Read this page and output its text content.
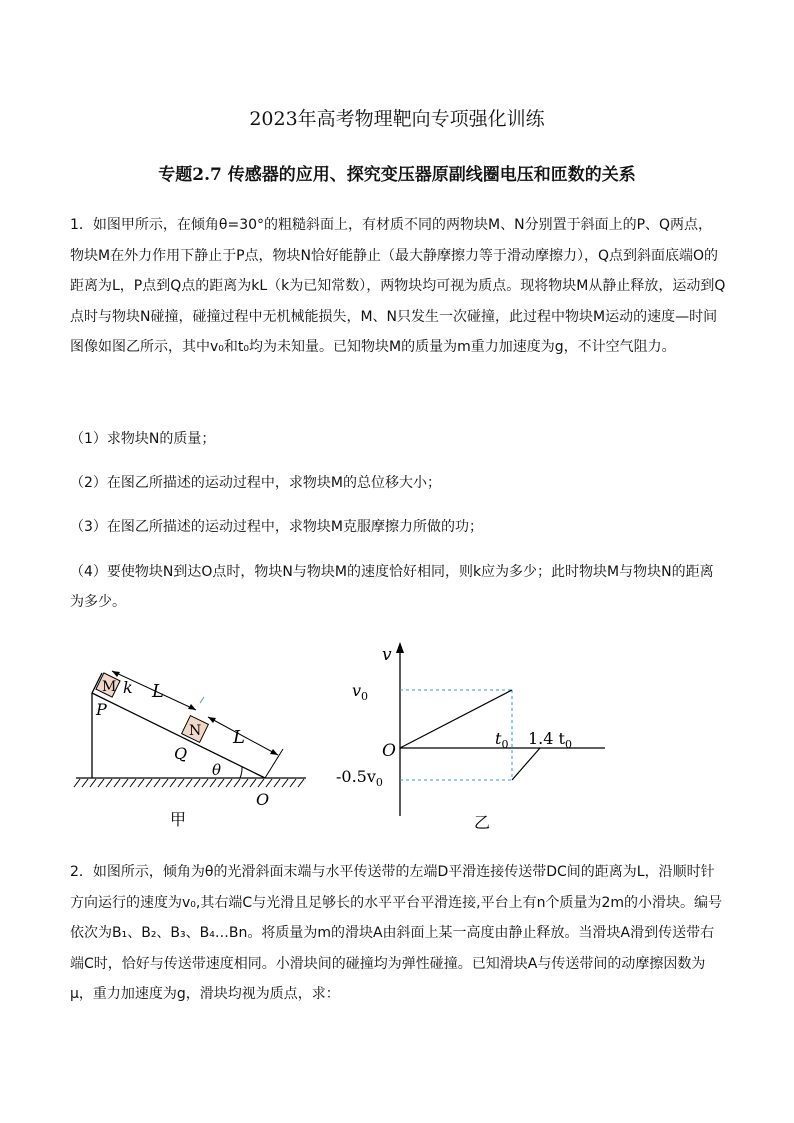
2023年高考物理靶向专项强化训练
专题2.7 传感器的应用、探究变压器原副线圈电压和匝数的关系

1．如图甲所示，在倾角θ=30°的粗糙斜面上，有材质不同的两物块M、N分别置于斜面上的P、Q两点，物块M在外力作用下静止于P点，物块N恰好能静止（最大静摩擦力等于滑动摩擦力），Q点到斜面底端O的距离为L，P点到Q点的距离为kL（k为已知常数），两物块均可视为质点。现将物块M从静止释放，运动到Q点时与物块N碰撞，碰撞过程中无机械能损失，M、N只发生一次碰撞，此过程中物块M运动的速度—时间图像如图乙所示，其中v₀和t₀均为未知量。已知物块M的质量为m重力加速度为g，不计空气阻力。

（1）求物块N的质量；

（2）在图乙所描述的运动过程中，求物块M的总位移大小；

（3）在图乙所描述的运动过程中，求物块M克服摩擦力所做的功；

（4）要使物块N到达O点时，物块N与物块M的速度恰好相同，则k应为多少；此时物块M与物块N的距离为多少。

M k L
N L
P
Q
θ
O
甲
v
$v_0$
O
$t_0$ 1.4 $t_0$
$-0.5v_0$
乙

2．如图所示，倾角为θ的光滑斜面末端与水平传送带的左端D平滑连接传送带DC间的距离为L，沿顺时针方向运行的速度为v₀,其右端C与光滑且足够长的水平平台平滑连接,平台上有n个质量为2m的小滑块。编号依次为B₁、B₂、B₃、B₄…Bn。将质量为m的滑块A由斜面上某一高度由静止释放。当滑块A滑到传送带右端C时，恰好与传送带速度相同。小滑块间的碰撞均为弹性碰撞。已知滑块A与传送带间的动摩擦因数为μ，重力加速度为g，滑块均视为质点，求：
